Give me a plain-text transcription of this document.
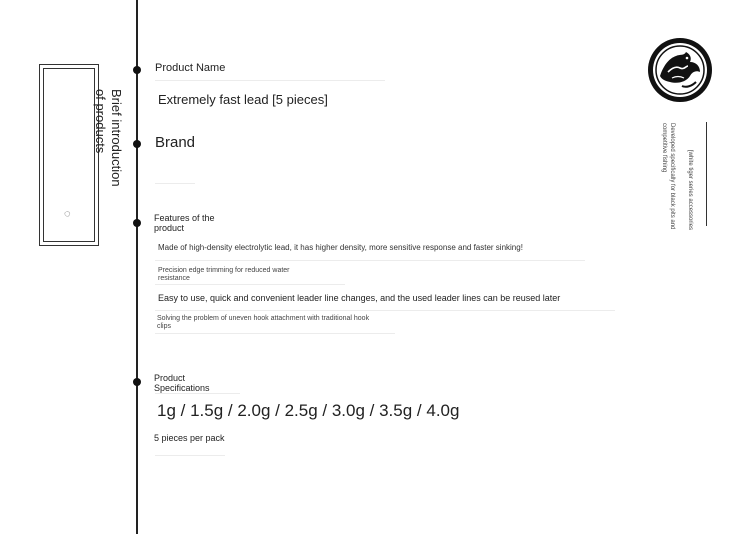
Brief introduction
of products
◌
Product Name
Extremely fast lead [5 pieces]
Brand
Features of the
product
Made of high-density electrolytic lead, it has higher density, more sensitive response and faster sinking!
Precision edge trimming for reduced water
resistance
Easy to use, quick and convenient leader line changes, and the used leader lines can be reused later
Solving the problem of uneven hook attachment with traditional hook
clips
Product
Specifications
1g / 1.5g / 2.0g / 2.5g / 3.0g / 3.5g / 4.0g
5 pieces per pack
[white tiger series accessories
Developed specifically for black pits and
competitive fishing
